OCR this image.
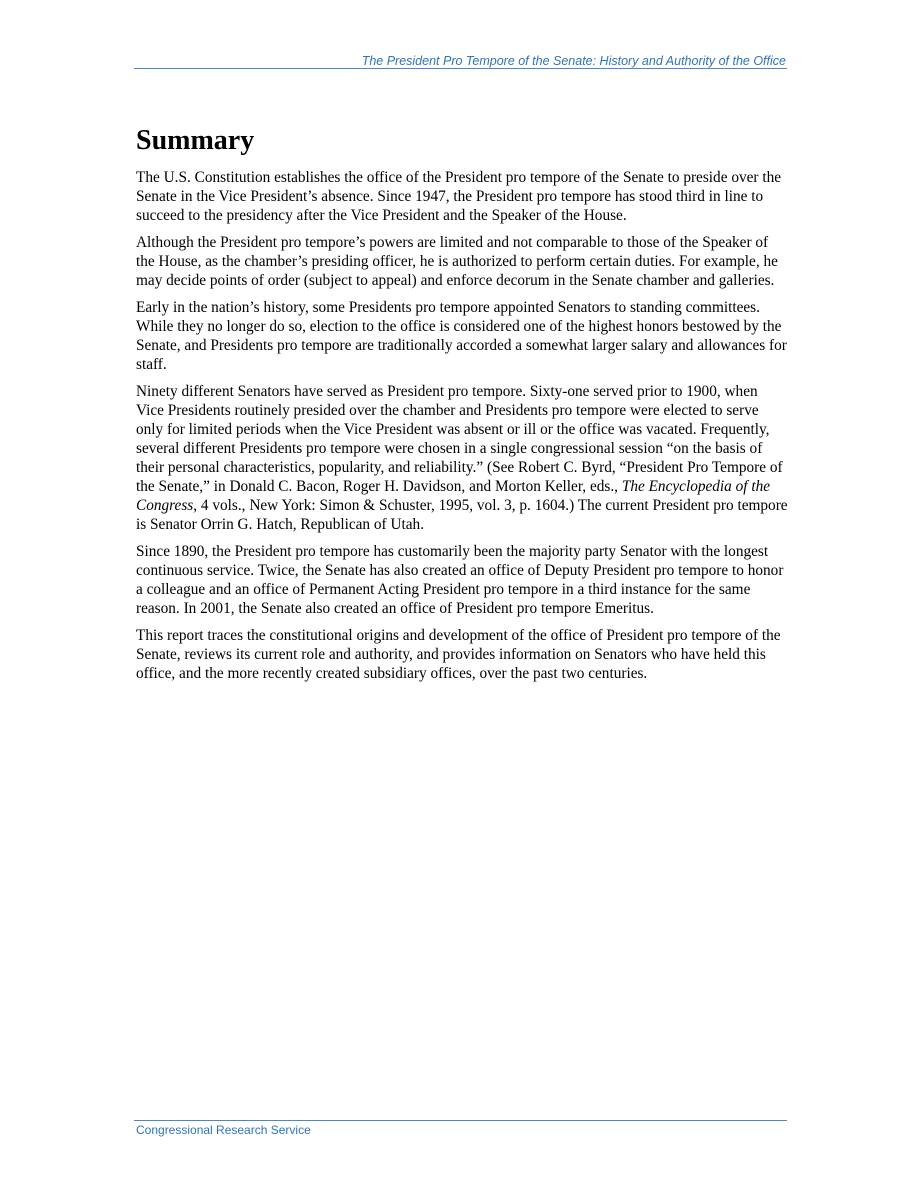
The President Pro Tempore of the Senate: History and Authority of the Office
Summary

The U.S. Constitution establishes the office of the President pro tempore of the Senate to preside over the Senate in the Vice President’s absence. Since 1947, the President pro tempore has stood third in line to succeed to the presidency after the Vice President and the Speaker of the House.

Although the President pro tempore’s powers are limited and not comparable to those of the Speaker of the House, as the chamber’s presiding officer, he is authorized to perform certain duties. For example, he may decide points of order (subject to appeal) and enforce decorum in the Senate chamber and galleries.

Early in the nation’s history, some Presidents pro tempore appointed Senators to standing committees. While they no longer do so, election to the office is considered one of the highest honors bestowed by the Senate, and Presidents pro tempore are traditionally accorded a somewhat larger salary and allowances for staff.

Ninety different Senators have served as President pro tempore. Sixty-one served prior to 1900, when Vice Presidents routinely presided over the chamber and Presidents pro tempore were elected to serve only for limited periods when the Vice President was absent or ill or the office was vacated. Frequently, several different Presidents pro tempore were chosen in a single congressional session “on the basis of their personal characteristics, popularity, and reliability.” (See Robert C. Byrd, “President Pro Tempore of the Senate,” in Donald C. Bacon, Roger H. Davidson, and Morton Keller, eds., The Encyclopedia of the Congress, 4 vols., New York: Simon & Schuster, 1995, vol. 3, p. 1604.) The current President pro tempore is Senator Orrin G. Hatch, Republican of Utah.

Since 1890, the President pro tempore has customarily been the majority party Senator with the longest continuous service. Twice, the Senate has also created an office of Deputy President pro tempore to honor a colleague and an office of Permanent Acting President pro tempore in a third instance for the same reason. In 2001, the Senate also created an office of President pro tempore Emeritus.

This report traces the constitutional origins and development of the office of President pro tempore of the Senate, reviews its current role and authority, and provides information on Senators who have held this office, and the more recently created subsidiary offices, over the past two centuries.

Congressional Research Service
